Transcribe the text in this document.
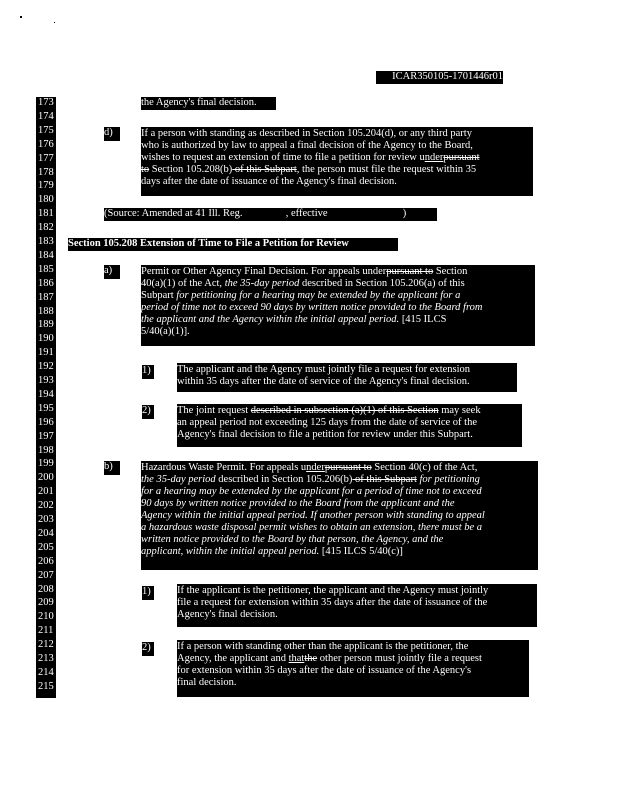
ICAR350105-1701446r01
173
174
175
176
177
178
179
180
181
182
183
184
185
186
187
188
189
190
191
192
193
194
195
196
197
198
199
200
201
202
203
204
205
206
207
208
209
210
211
212
213
214
215
the Agency's final decision.
d)	If a person with standing as described in Section 105.204(d), or any third party
who is authorized by law to appeal a final decision of the Agency to the Board,
wishes to request an extension of time to file a petition for review underpursuant
to Section 105.208(b) of this Subpart, the person must file the request within 35
days after the date of issuance of the Agency's final decision.
(Source: Amended at 41 Ill. Reg.	, effective	)
Section 105.208 Extension of Time to File a Petition for Review
a)	Permit or Other Agency Final Decision. For appeals underpursuant to Section
40(a)(1) of the Act, the 35-day period described in Section 105.206(a) of this
Subpart for petitioning for a hearing may be extended by the applicant for a
period of time not to exceed 90 days by written notice provided to the Board from
the applicant and the Agency within the initial appeal period. [415 ILCS
5/40(a)(1)].
1)	The applicant and the Agency must jointly file a request for extension
within 35 days after the date of service of the Agency's final decision.
2)	The joint request described in subsection (a)(1) of this Section may seek
an appeal period not exceeding 125 days from the date of service of the
Agency's final decision to file a petition for review under this Subpart.
b)	Hazardous Waste Permit. For appeals underpursuant to Section 40(c) of the Act,
the 35-day period described in Section 105.206(b) of this Subpart for petitioning
for a hearing may be extended by the applicant for a period of time not to exceed
90 days by written notice provided to the Board from the applicant and the
Agency within the initial appeal period. If another person with standing to appeal
a hazardous waste disposal permit wishes to obtain an extension, there must be a
written notice provided to the Board by that person, the Agency, and the
applicant, within the initial appeal period. [415 ILCS 5/40(c)]
1)	If the applicant is the petitioner, the applicant and the Agency must jointly
file a request for extension within 35 days after the date of issuance of the
Agency's final decision.
2)	If a person with standing other than the applicant is the petitioner, the
Agency, the applicant and thatthe other person must jointly file a request
for extension within 35 days after the date of issuance of the Agency's
final decision.
